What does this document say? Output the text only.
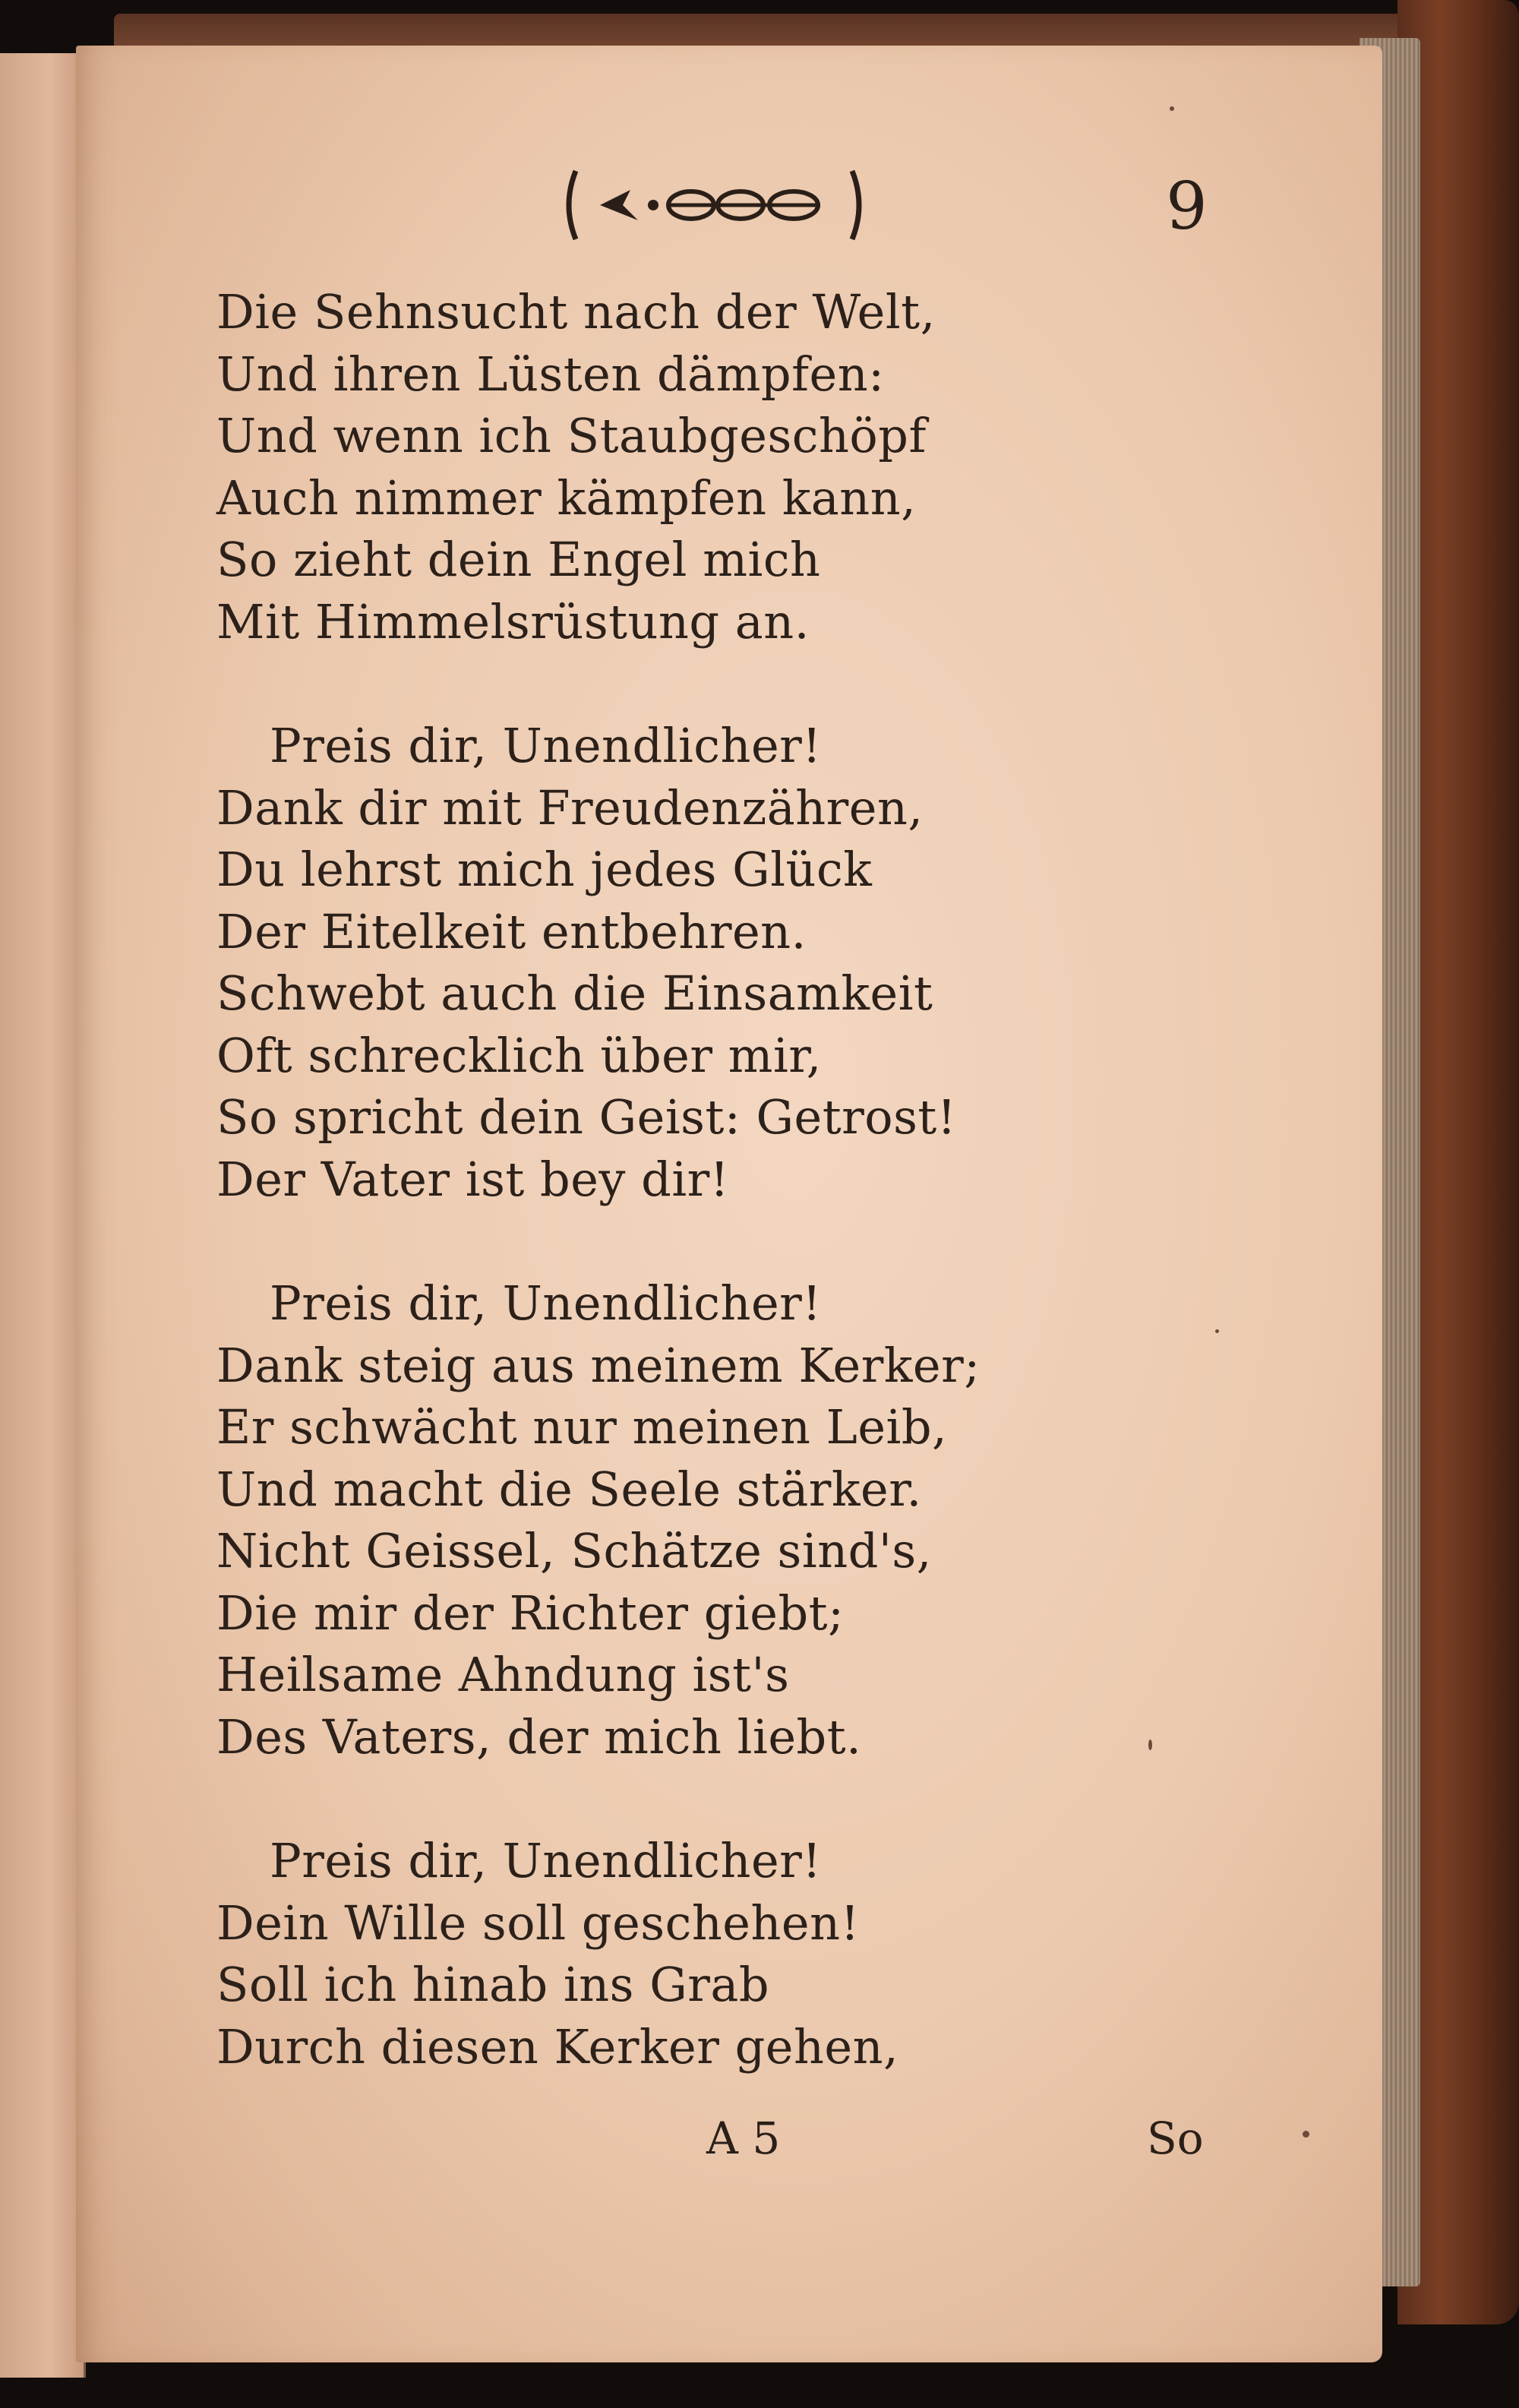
9
Die Sehnsucht nach der Welt,
Und ihren Lüsten dämpfen:
Und wenn ich Staubgeschöpf
Auch nimmer kämpfen kann,
So zieht dein Engel mich
Mit Himmelsrüstung an.
Preis dir, Unendlicher!
Dank dir mit Freudenzähren,
Du lehrst mich jedes Glück
Der Eitelkeit entbehren.
Schwebt auch die Einsamkeit
Oft schrecklich über mir,
So spricht dein Geist: Getrost!
Der Vater ist bey dir!
Preis dir, Unendlicher!
Dank steig aus meinem Kerker;
Er schwächt nur meinen Leib,
Und macht die Seele stärker.
Nicht Geissel, Schätze sind's,
Die mir der Richter giebt;
Heilsame Ahndung ist's
Des Vaters, der mich liebt.
Preis dir, Unendlicher!
Dein Wille soll geschehen!
Soll ich hinab ins Grab
Durch diesen Kerker gehen,
A 5	So
